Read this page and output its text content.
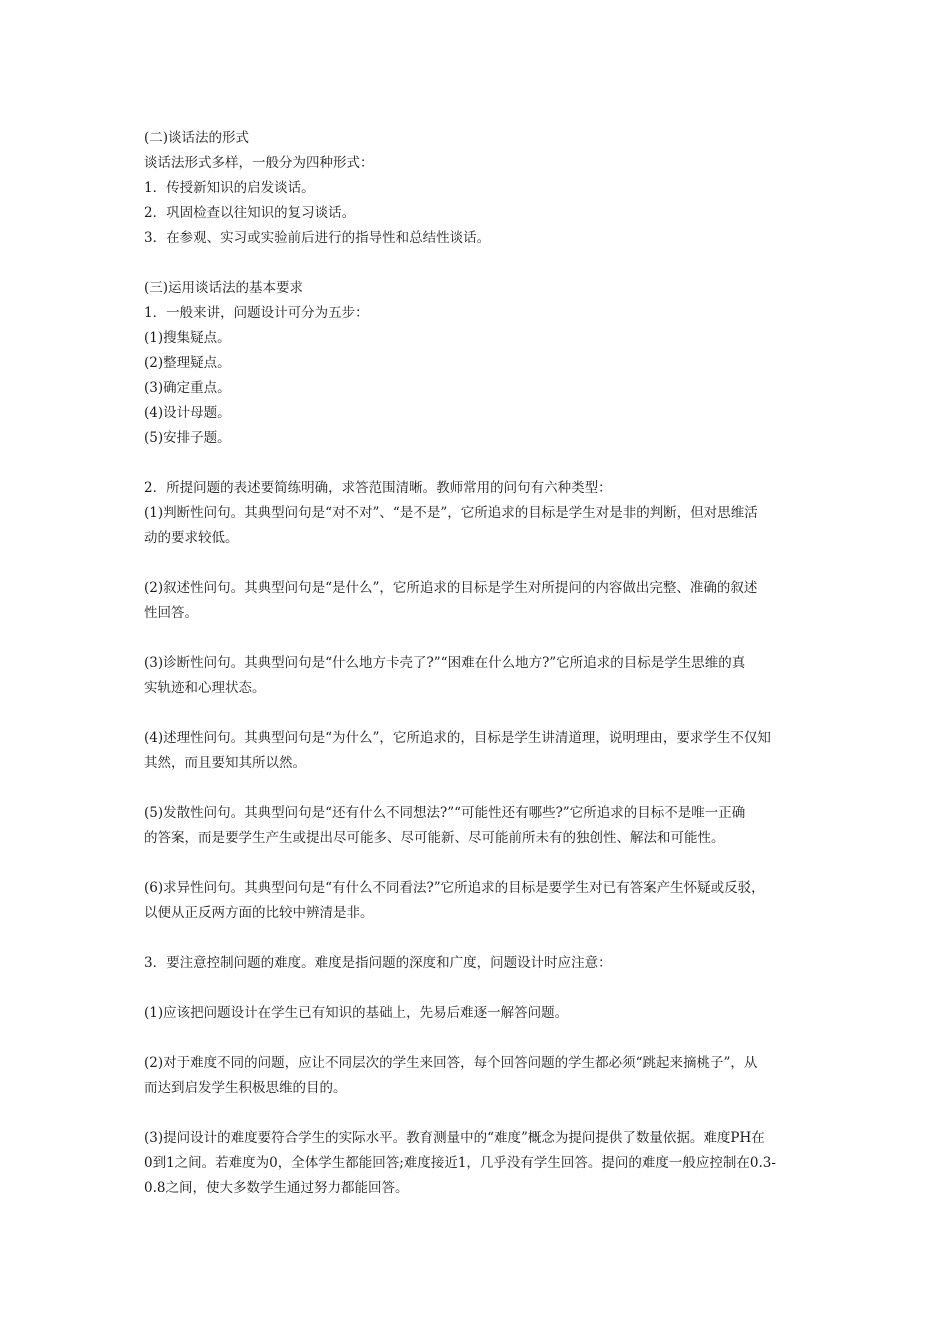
(二)谈话法的形式
谈话法形式多样，一般分为四种形式：
1．传授新知识的启发谈话。
2．巩固检查以往知识的复习谈话。
3．在参观、实习或实验前后进行的指导性和总结性谈话。
(三)运用谈话法的基本要求
1．一般来讲，问题设计可分为五步：
(1)搜集疑点。
(2)整理疑点。
(3)确定重点。
(4)设计母题。
(5)安排子题。
2．所提问题的表述要简练明确，求答范围清晰。教师常用的问句有六种类型：
(1)判断性问句。其典型问句是“对不对”、“是不是”，它所追求的目标是学生对是非的判断，但对思维活
动的要求较低。
(2)叙述性问句。其典型问句是“是什么”，它所追求的目标是学生对所提问的内容做出完整、准确的叙述
性回答。
(3)诊断性问句。其典型问句是“什么地方卡壳了?”“困难在什么地方?”它所追求的目标是学生思维的真
实轨迹和心理状态。
(4)述理性问句。其典型问句是“为什么”，它所追求的，目标是学生讲清道理，说明理由，要求学生不仅知
其然，而且要知其所以然。
(5)发散性问句。其典型问句是“还有什么不同想法?”“可能性还有哪些?”它所追求的目标不是唯一正确
的答案，而是要学生产生或提出尽可能多、尽可能新、尽可能前所未有的独创性、解法和可能性。
(6)求异性问句。其典型问句是“有什么不同看法?”它所追求的目标是要学生对已有答案产生怀疑或反驳，
以便从正反两方面的比较中辨清是非。
3．要注意控制问题的难度。难度是指问题的深度和广度，问题设计时应注意：
(1)应该把问题设计在学生已有知识的基础上，先易后难逐一解答问题。
(2)对于难度不同的问题，应让不同层次的学生来回答，每个回答问题的学生都必须“跳起来摘桃子”，从
而达到启发学生积极思维的目的。
(3)提问设计的难度要符合学生的实际水平。教育测量中的“难度”概念为提问提供了数量依据。难度PH在
0到1之间。若难度为0，全体学生都能回答;难度接近1，几乎没有学生回答。提问的难度一般应控制在0.3-
0.8之间，使大多数学生通过努力都能回答。
